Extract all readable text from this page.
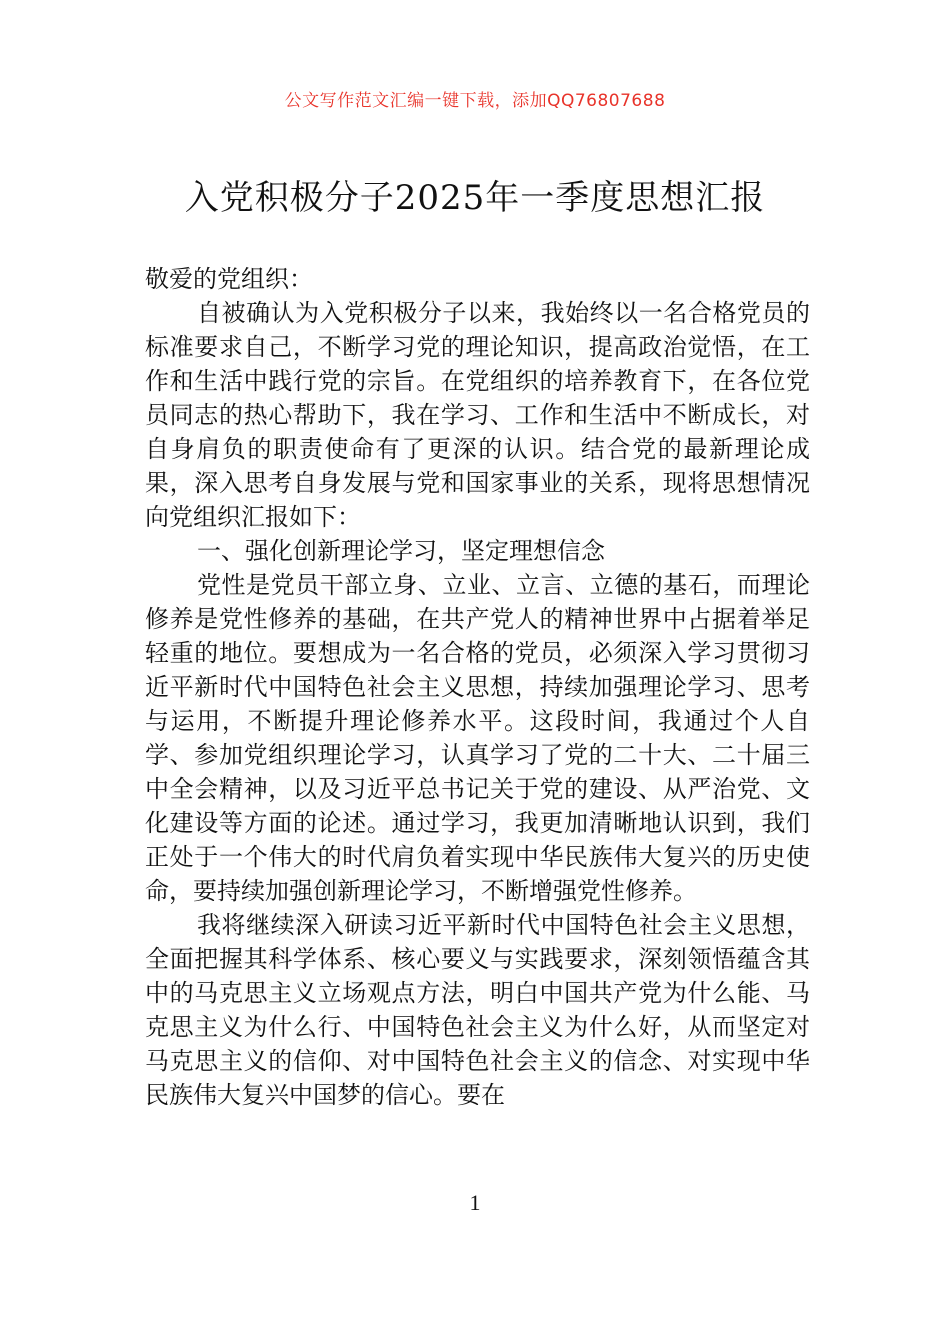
公文写作范文汇编一键下载，添加QQ76807688
入党积极分子2025年一季度思想汇报

敬爱的党组织：

自被确认为入党积极分子以来，我始终以一名合格党员的标准要求自己，不断学习党的理论知识，提高政治觉悟，在工作和生活中践行党的宗旨。在党组织的培养教育下，在各位党员同志的热心帮助下，我在学习、工作和生活中不断成长，对自身肩负的职责使命有了更深的认识。结合党的最新理论成果，深入思考自身发展与党和国家事业的关系，现将思想情况向党组织汇报如下：

一、强化创新理论学习，坚定理想信念

党性是党员干部立身、立业、立言、立德的基石，而理论修养是党性修养的基础，在共产党人的精神世界中占据着举足轻重的地位。要想成为一名合格的党员，必须深入学习贯彻习近平新时代中国特色社会主义思想，持续加强理论学习、思考与运用，不断提升理论修养水平。这段时间，我通过个人自学、参加党组织理论学习，认真学习了党的二十大、二十届三中全会精神，以及习近平总书记关于党的建设、从严治党、文化建设等方面的论述。通过学习，我更加清晰地认识到，我们正处于一个伟大的时代肩负着实现中华民族伟大复兴的历史使命，要持续加强创新理论学习，不断增强党性修养。

我将继续深入研读习近平新时代中国特色社会主义思想，全面把握其科学体系、核心要义与实践要求，深刻领悟蕴含其中的马克思主义立场观点方法，明白中国共产党为什么能、马克思主义为什么行、中国特色社会主义为什么好，从而坚定对马克思主义的信仰、对中国特色社会主义的信念、对实现中华民族伟大复兴中国梦的信心。要在

1
